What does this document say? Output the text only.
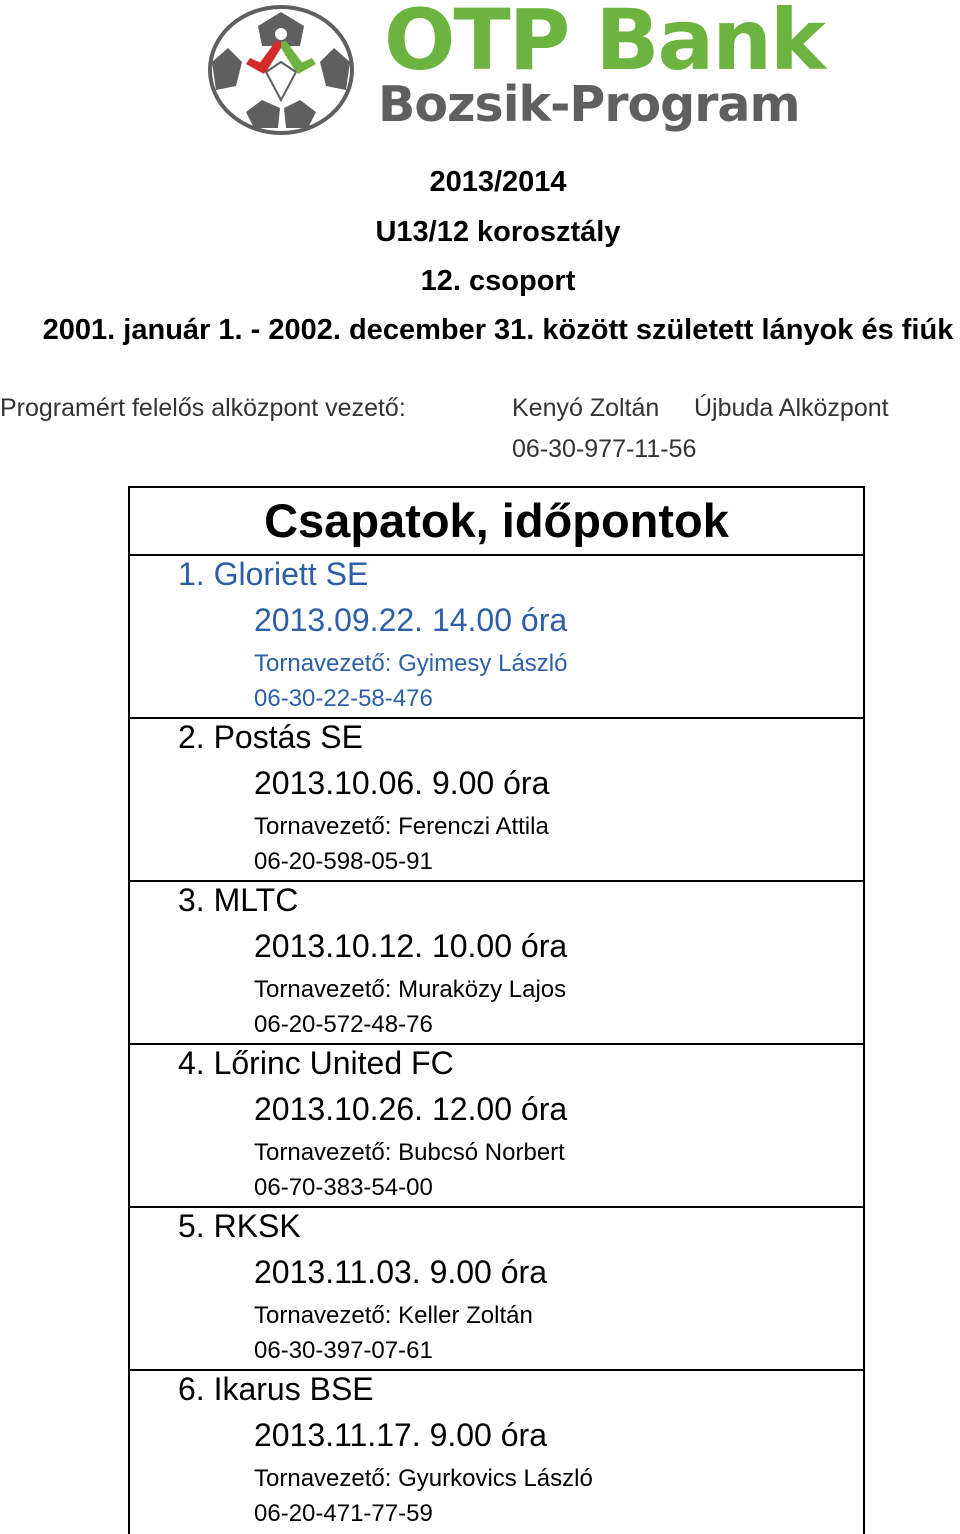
OTP Bank
Bozsik-Program
2013/2014
U13/12 korosztály
12. csoport
2001. január 1. - 2002. december 31. között született lányok és fiúk
Programért felelős alközpont vezető:	Kenyó Zoltán Újbuda Alközpont
06-30-977-11-56
Csapatok, időpontok
1. Gloriett SE
2013.09.22. 14.00 óra
Tornavezető: Gyimesy László
06-30-22-58-476
2. Postás SE
2013.10.06. 9.00 óra
Tornavezető: Ferenczi Attila
06-20-598-05-91
3. MLTC
2013.10.12. 10.00 óra
Tornavezető: Muraközy Lajos
06-20-572-48-76
4. Lőrinc United FC
2013.10.26. 12.00 óra
Tornavezető: Bubcsó Norbert
06-70-383-54-00
5. RKSK
2013.11.03. 9.00 óra
Tornavezető: Keller Zoltán
06-30-397-07-61
6. Ikarus BSE
2013.11.17. 9.00 óra
Tornavezető: Gyurkovics László
06-20-471-77-59
